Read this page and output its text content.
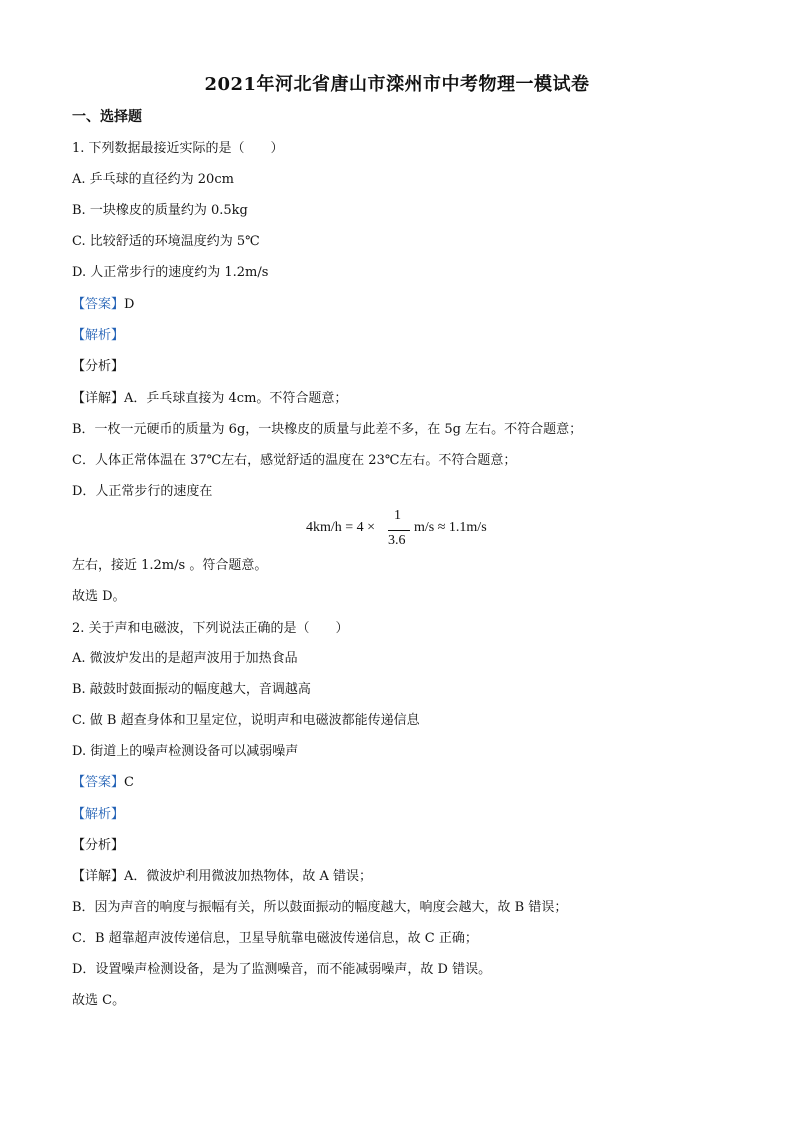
2021年河北省唐山市滦州市中考物理一模试卷
一、选择题
1. 下列数据最接近实际的是（　　）
A. 乒乓球的直径约为 20cm
B. 一块橡皮的质量约为 0.5kg
C. 比较舒适的环境温度约为 5℃
D. 人正常步行的速度约为 1.2m/s
【答案】D
【解析】
【分析】
【详解】A．乒乓球直接为 4cm。不符合题意；
B．一枚一元硬币的质量为 6g，一块橡皮的质量与此差不多，在 5g 左右。不符合题意；
C．人体正常体温在 37℃左右，感觉舒适的温度在 23℃左右。不符合题意；
D．人正常步行的速度在
4km/h = 4 ×
1
3.6
m/s ≈ 1.1m/s
左右，接近 1.2m/s 。符合题意。
故选 D。
2. 关于声和电磁波，下列说法正确的是（　　）
A. 微波炉发出的是超声波用于加热食品
B. 敲鼓时鼓面振动的幅度越大，音调越高
C. 做 B 超查身体和卫星定位，说明声和电磁波都能传递信息
D. 街道上的噪声检测设备可以减弱噪声
【答案】C
【解析】
【分析】
【详解】A．微波炉利用微波加热物体，故 A 错误；
B．因为声音的响度与振幅有关，所以鼓面振动的幅度越大，响度会越大，故 B 错误；
C．B 超靠超声波传递信息，卫星导航靠电磁波传递信息，故 C 正确；
D．设置噪声检测设备，是为了监测噪音，而不能减弱噪声，故 D 错误。
故选 C。
